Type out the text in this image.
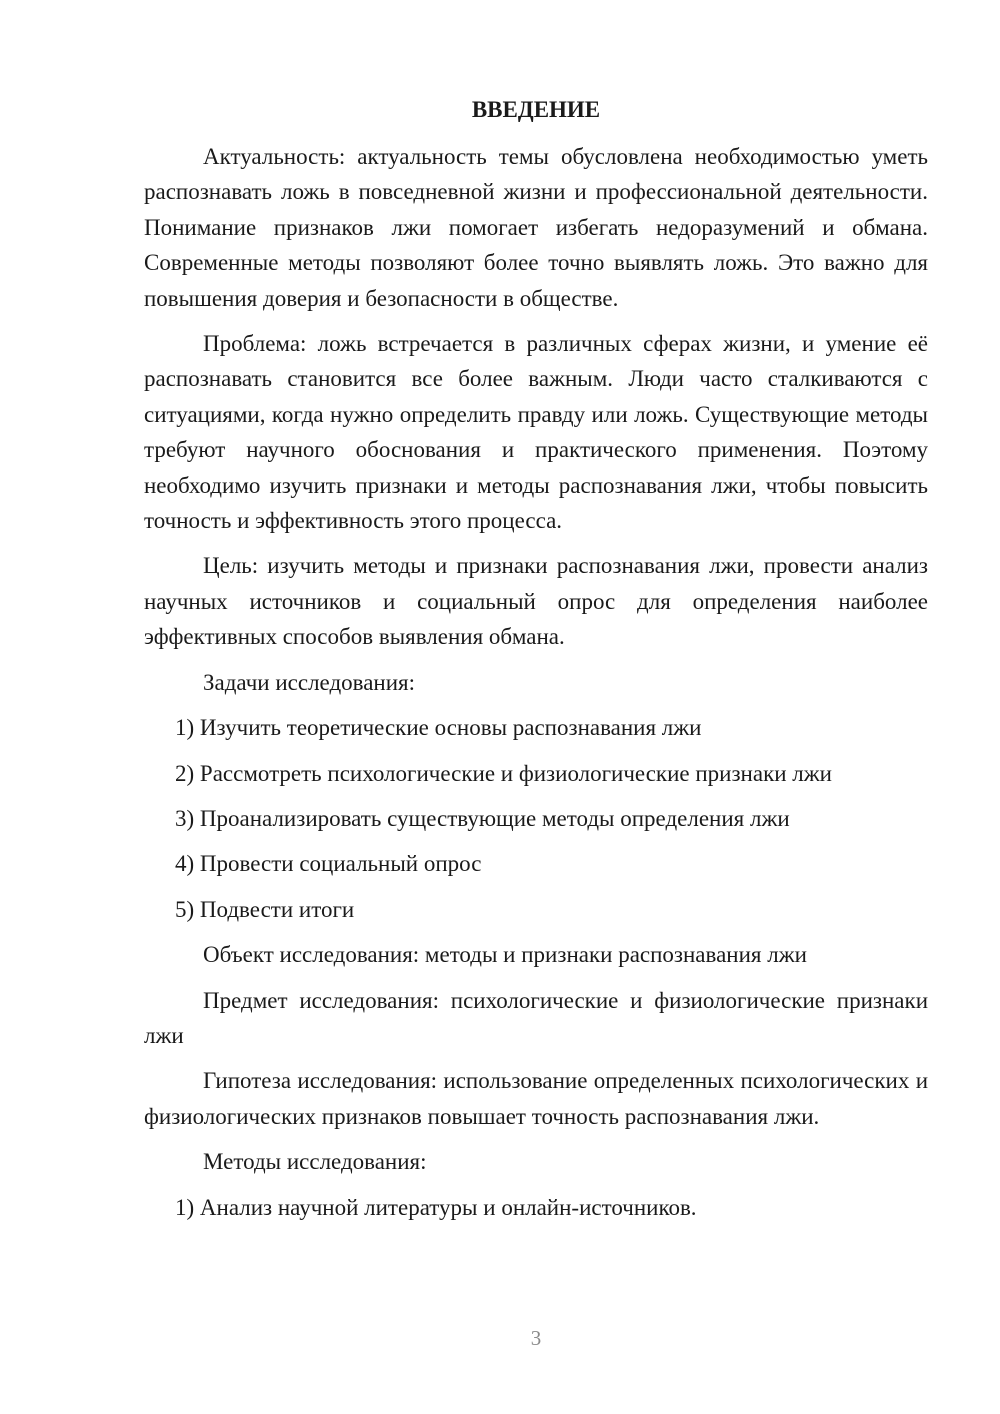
ВВЕДЕНИЕ

Актуальность: актуальность темы обусловлена необходимостью уметь распознавать ложь в повседневной жизни и профессиональной деятельности. Понимание признаков лжи помогает избегать недоразумений и обмана. Современные методы позволяют более точно выявлять ложь. Это важно для повышения доверия и безопасности в обществе.

Проблема: ложь встречается в различных сферах жизни, и умение её распознавать становится все более важным. Люди часто сталкиваются с ситуациями, когда нужно определить правду или ложь. Существующие методы требуют научного обоснования и практического применения. Поэтому необходимо изучить признаки и методы распознавания лжи, чтобы повысить точность и эффективность этого процесса.

Цель: изучить методы и признаки распознавания лжи, провести анализ научных источников и социальный опрос для определения наиболее эффективных способов выявления обмана.

Задачи исследования:

1) Изучить теоретические основы распознавания лжи
2) Рассмотреть психологические и физиологические признаки лжи
3) Проанализировать существующие методы определения лжи
4) Провести социальный опрос
5) Подвести итоги

Объект исследования: методы и признаки распознавания лжи

Предмет исследования: психологические и физиологические признаки лжи

Гипотеза исследования: использование определенных психологических и физиологических признаков повышает точность распознавания лжи.

Методы исследования:

1) Анализ научной литературы и онлайн-источников.
3
